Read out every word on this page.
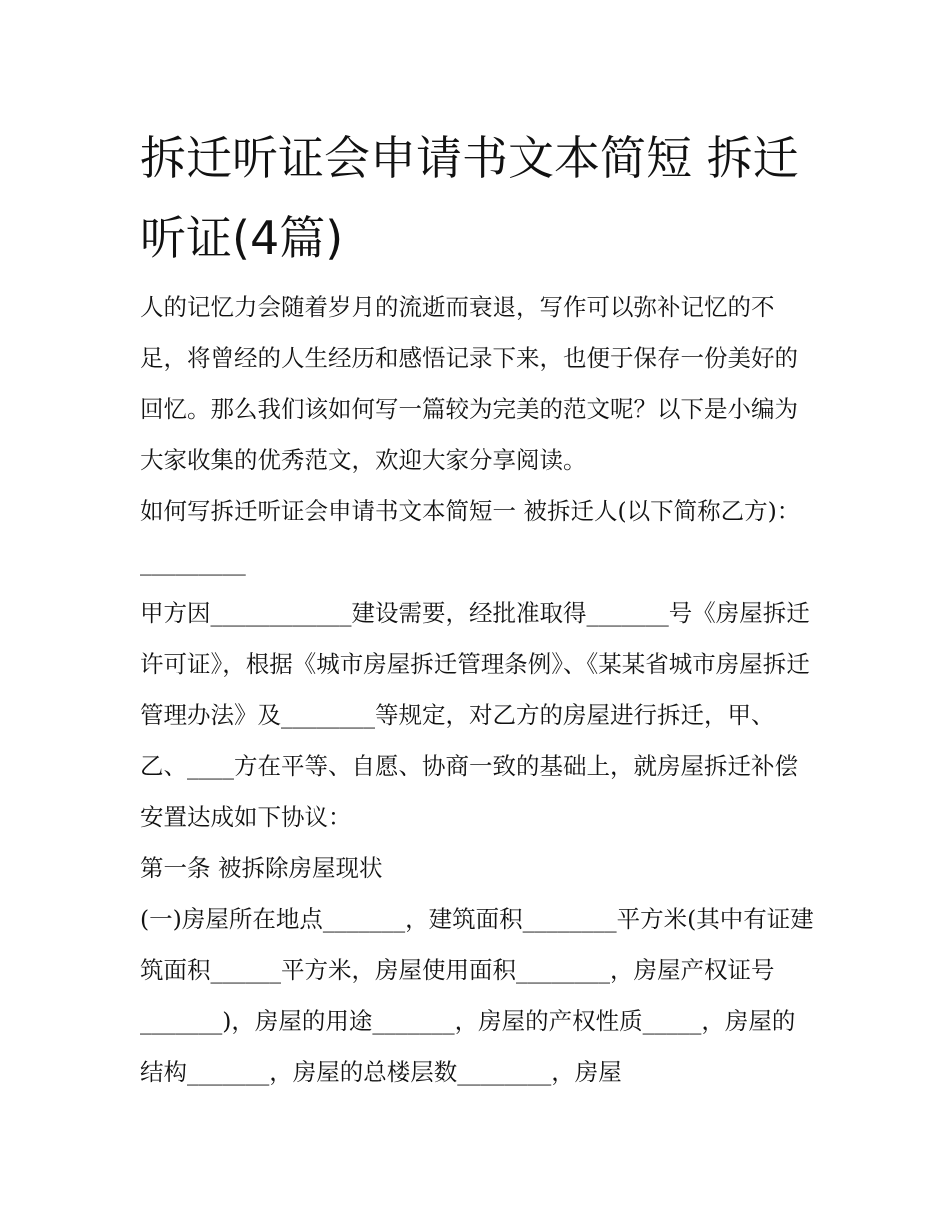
拆迁听证会申请书文本简短 拆迁 听证(4篇)

人的记忆力会随着岁月的流逝而衰退，写作可以弥补记忆的不足，将曾经的人生经历和感悟记录下来，也便于保存一份美好的回忆。那么我们该如何写一篇较为完美的范文呢？以下是小编为大家收集的优秀范文，欢迎大家分享阅读。

如何写拆迁听证会申请书文本简短一 被拆迁人(以下简称乙方)：_________

甲方因____________建设需要，经批准取得_______号《房屋拆迁许可证》，根据《城市房屋拆迁管理条例》、《某某省城市房屋拆迁管理办法》及________等规定，对乙方的房屋进行拆迁，甲、乙、____方在平等、自愿、协商一致的基础上，就房屋拆迁补偿安置达成如下协议：

第一条 被拆除房屋现状

(一)房屋所在地点_______，建筑面积________平方米(其中有证建筑面积______平方米，房屋使用面积________，房屋产权证号_______)，房屋的用途_______，房屋的产权性质_____，房屋的结构_______，房屋的总楼层数________，房屋
